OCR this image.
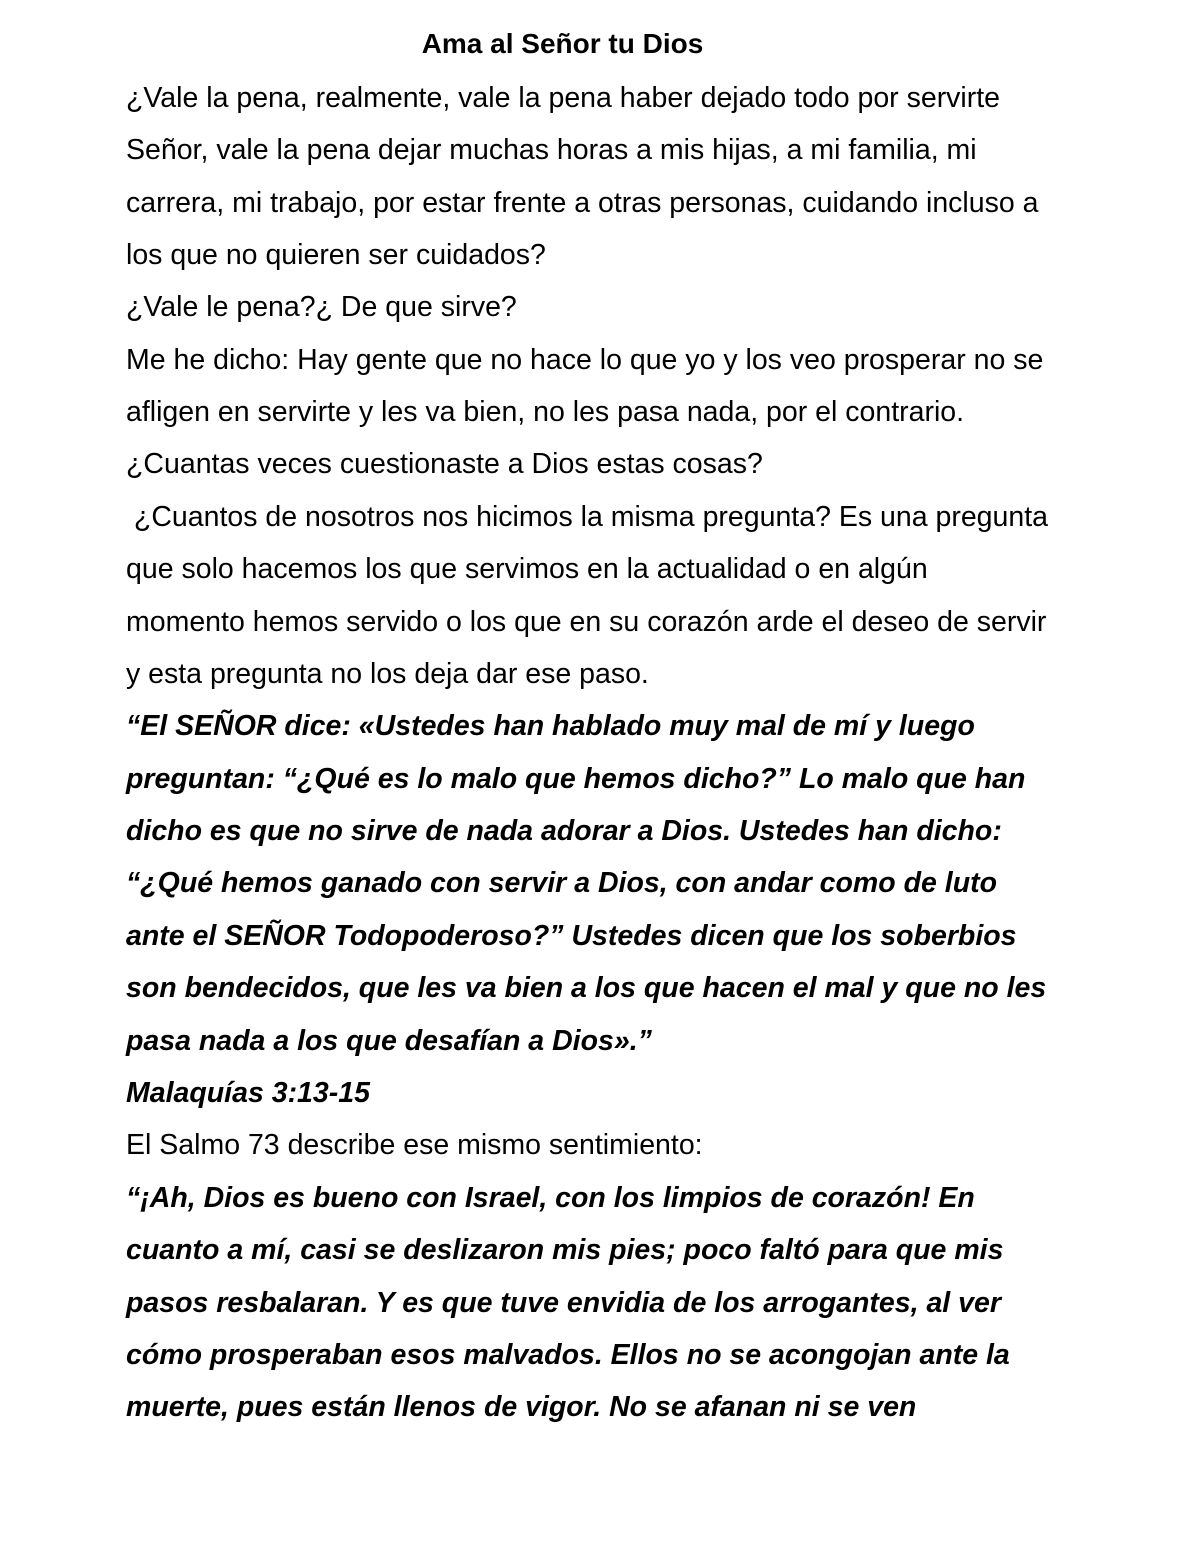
Ama al Señor tu Dios

¿Vale la pena, realmente, vale la pena haber dejado todo por servirte

Señor, vale la pena dejar muchas horas a mis hijas, a mi familia, mi

carrera, mi trabajo, por estar frente a otras personas, cuidando incluso a

los que no quieren ser cuidados?

¿Vale le pena?¿ De que sirve?

Me he dicho: Hay gente que no hace lo que yo y los veo prosperar no se

afligen en servirte y les va bien, no les pasa nada, por el contrario.

¿Cuantas veces cuestionaste a Dios estas cosas?

¿Cuantos de nosotros nos hicimos la misma pregunta? Es una pregunta

que solo hacemos los que servimos en la actualidad o en algún

momento hemos servido o los que en su corazón arde el deseo de servir

y esta pregunta no los deja dar ese paso.

“El SEÑOR dice: «Ustedes han hablado muy mal de mí y luego

preguntan: “¿Qué es lo malo que hemos dicho?” Lo malo que han

dicho es que no sirve de nada adorar a Dios. Ustedes han dicho:

“¿Qué hemos ganado con servir a Dios, con andar como de luto

ante el SEÑOR Todopoderoso?” Ustedes dicen que los soberbios

son bendecidos, que les va bien a los que hacen el mal y que no les

pasa nada a los que desafían a Dios».”

Malaquías 3:13-15

El Salmo 73 describe ese mismo sentimiento:

“¡Ah, Dios es bueno con Israel, con los limpios de corazón! En

cuanto a mí, casi se deslizaron mis pies; poco faltó para que mis

pasos resbalaran. Y es que tuve envidia de los arrogantes, al ver

cómo prosperaban esos malvados. Ellos no se acongojan ante la

muerte, pues están llenos de vigor. No se afanan ni se ven
